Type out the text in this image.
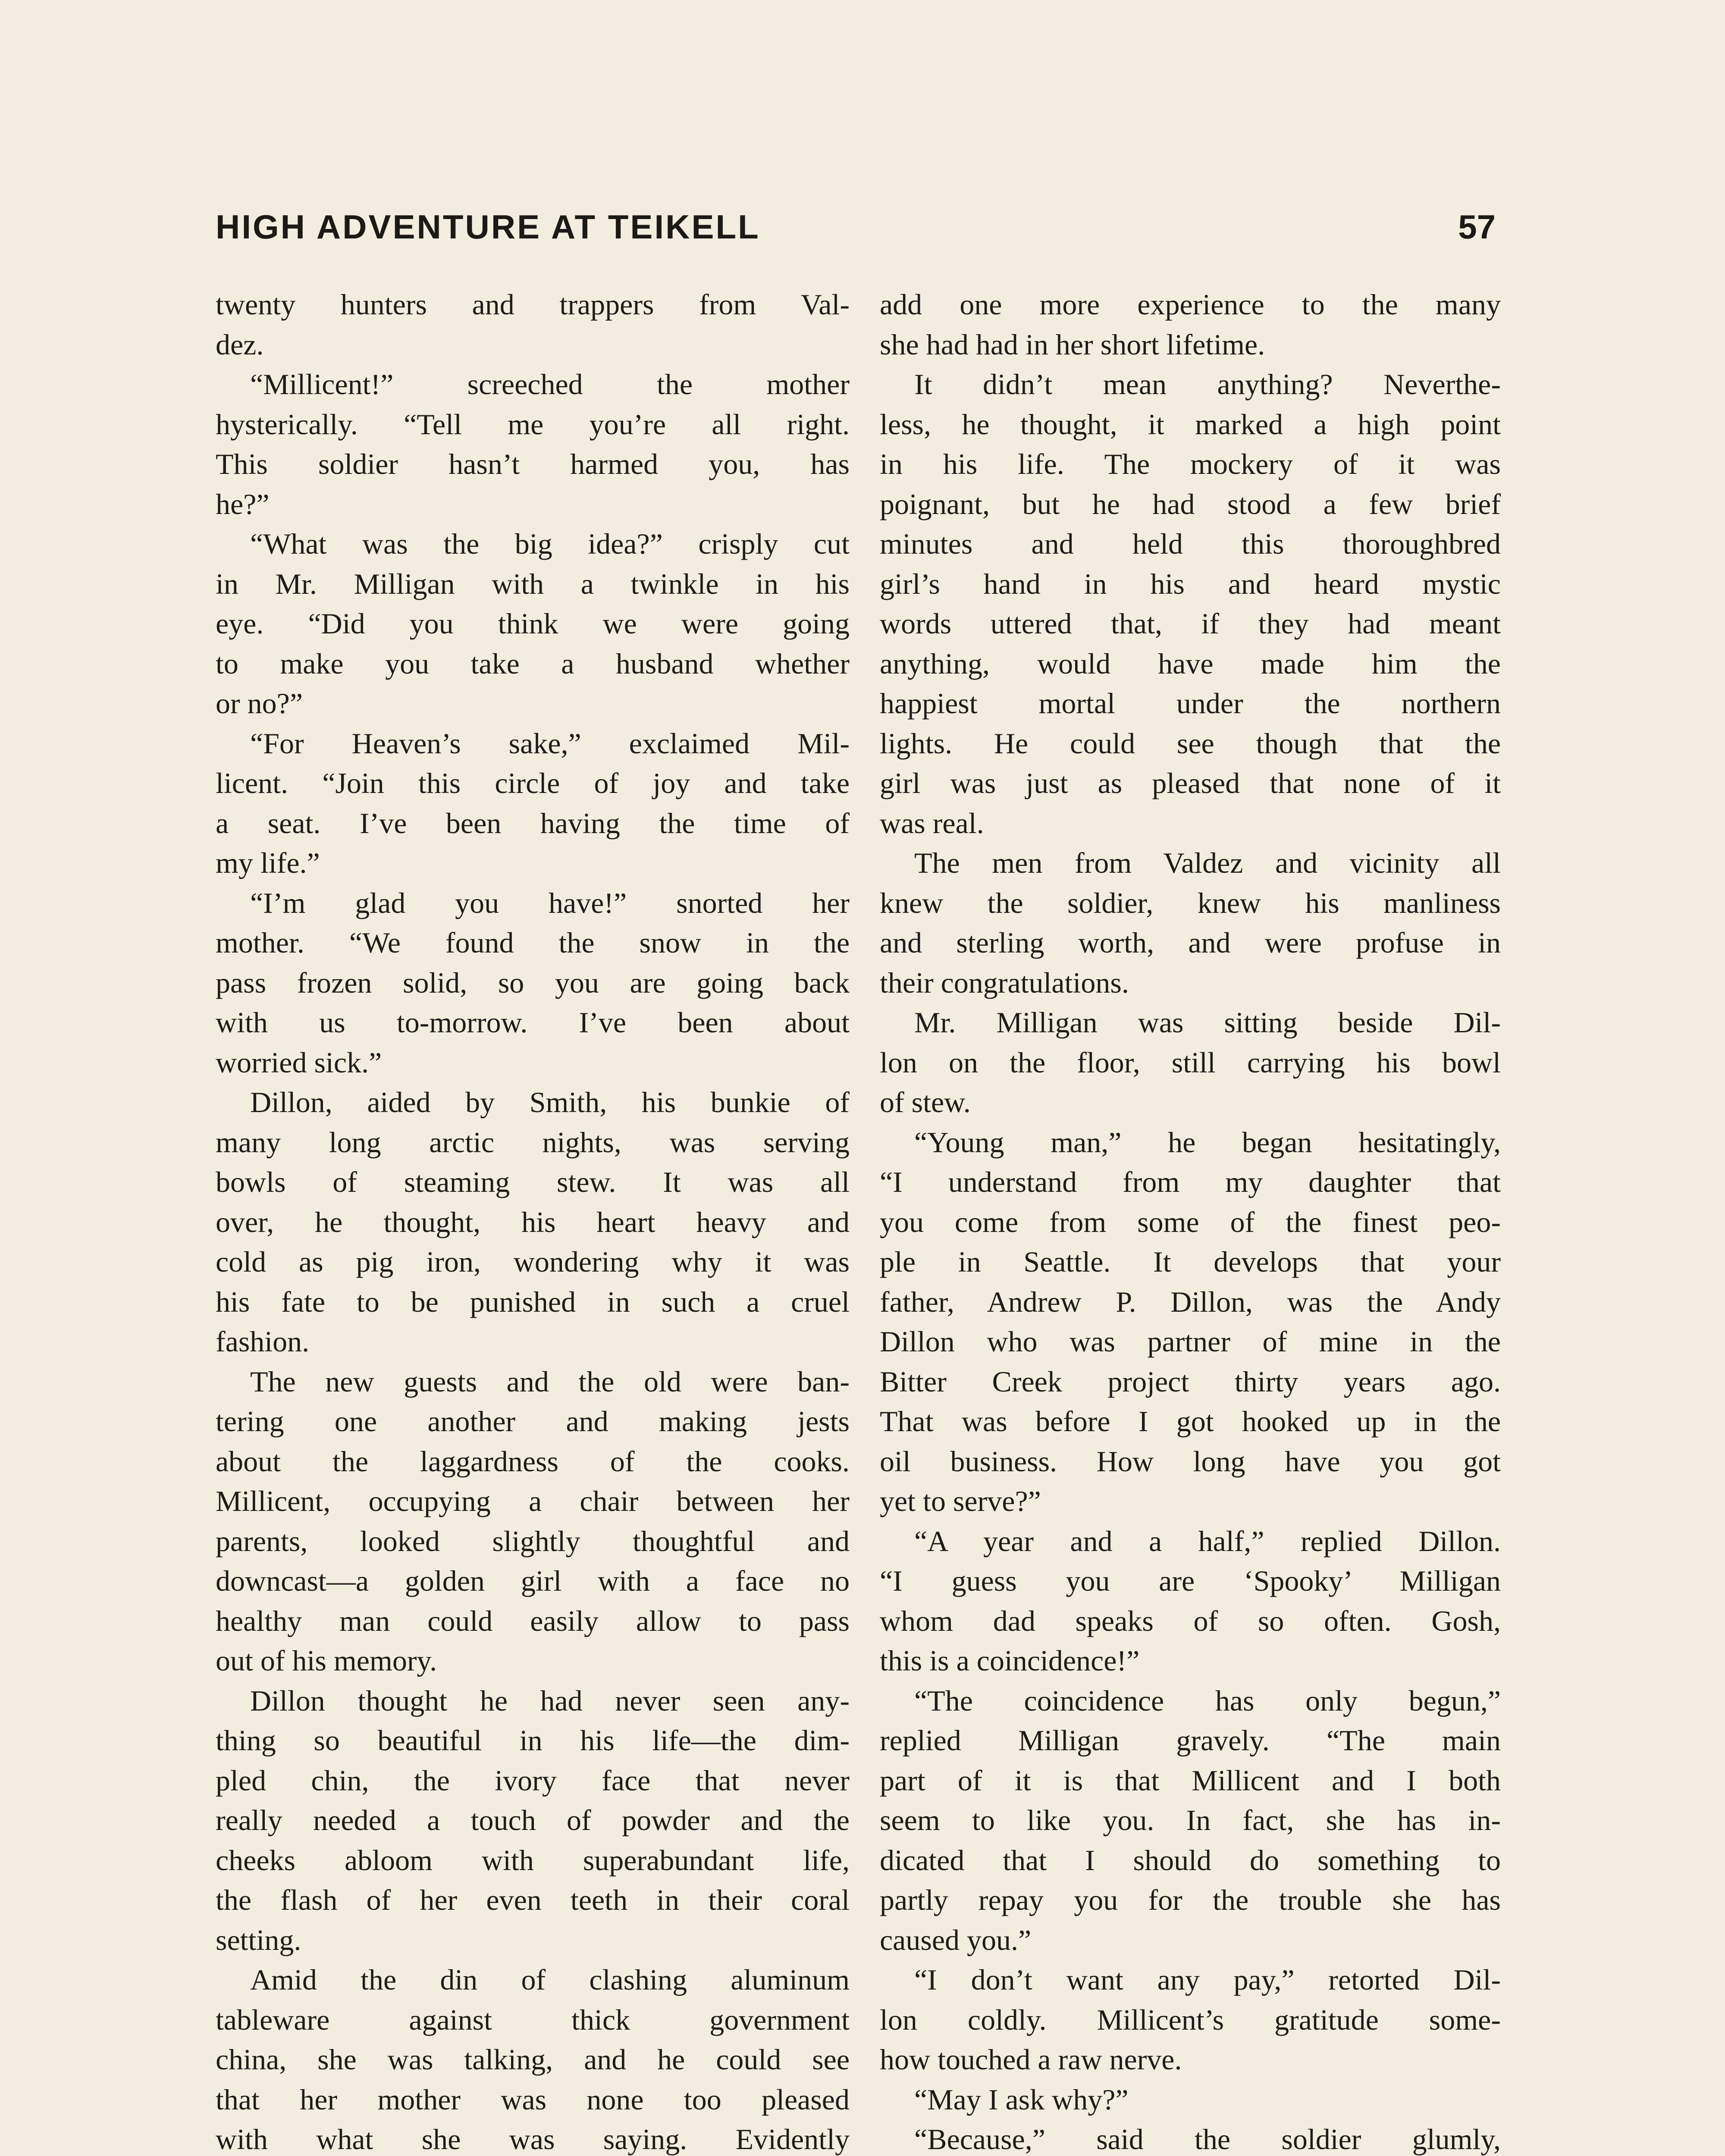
HIGH ADVENTURE AT TEIKELL	57
twenty hunters and trappers from Val-
dez.
“Millicent!” screeched the mother
hysterically. “Tell me you’re all right.
This soldier hasn’t harmed you, has
he?”
“What was the big idea?” crisply cut
in Mr. Milligan with a twinkle in his
eye. “Did you think we were going
to make you take a husband whether
or no?”
“For Heaven’s sake,” exclaimed Mil-
licent. “Join this circle of joy and take
a seat. I’ve been having the time of
my life.”
“I’m glad you have!” snorted her
mother. “We found the snow in the
pass frozen solid, so you are going back
with us to-morrow. I’ve been about
worried sick.”
Dillon, aided by Smith, his bunkie of
many long arctic nights, was serving
bowls of steaming stew. It was all
over, he thought, his heart heavy and
cold as pig iron, wondering why it was
his fate to be punished in such a cruel
fashion.
The new guests and the old were ban-
tering one another and making jests
about the laggardness of the cooks.
Millicent, occupying a chair between her
parents, looked slightly thoughtful and
downcast—a golden girl with a face no
healthy man could easily allow to pass
out of his memory.
Dillon thought he had never seen any-
thing so beautiful in his life—the dim-
pled chin, the ivory face that never
really needed a touch of powder and the
cheeks abloom with superabundant life,
the flash of her even teeth in their coral
setting.
Amid the din of clashing aluminum
tableware against thick government
china, she was talking, and he could see
that her mother was none too pleased
with what she was saying. Evidently
add one more experience to the many
she had had in her short lifetime.
It didn’t mean anything? Neverthe-
less, he thought, it marked a high point
in his life. The mockery of it was
poignant, but he had stood a few brief
minutes and held this thoroughbred
girl’s hand in his and heard mystic
words uttered that, if they had meant
anything, would have made him the
happiest mortal under the northern
lights. He could see though that the
girl was just as pleased that none of it
was real.
The men from Valdez and vicinity all
knew the soldier, knew his manliness
and sterling worth, and were profuse in
their congratulations.
Mr. Milligan was sitting beside Dil-
lon on the floor, still carrying his bowl
of stew.
“Young man,” he began hesitatingly,
“I understand from my daughter that
you come from some of the finest peo-
ple in Seattle. It develops that your
father, Andrew P. Dillon, was the Andy
Dillon who was partner of mine in the
Bitter Creek project thirty years ago.
That was before I got hooked up in the
oil business. How long have you got
yet to serve?”
“A year and a half,” replied Dillon.
“I guess you are ‘Spooky’ Milligan
whom dad speaks of so often. Gosh,
this is a coincidence!”
“The coincidence has only begun,”
replied Milligan gravely. “The main
part of it is that Millicent and I both
seem to like you. In fact, she has in-
dicated that I should do something to
partly repay you for the trouble she has
caused you.”
“I don’t want any pay,” retorted Dil-
lon coldly. Millicent’s gratitude some-
how touched a raw nerve.
“May I ask why?”
“Because,” said the soldier glumly,
